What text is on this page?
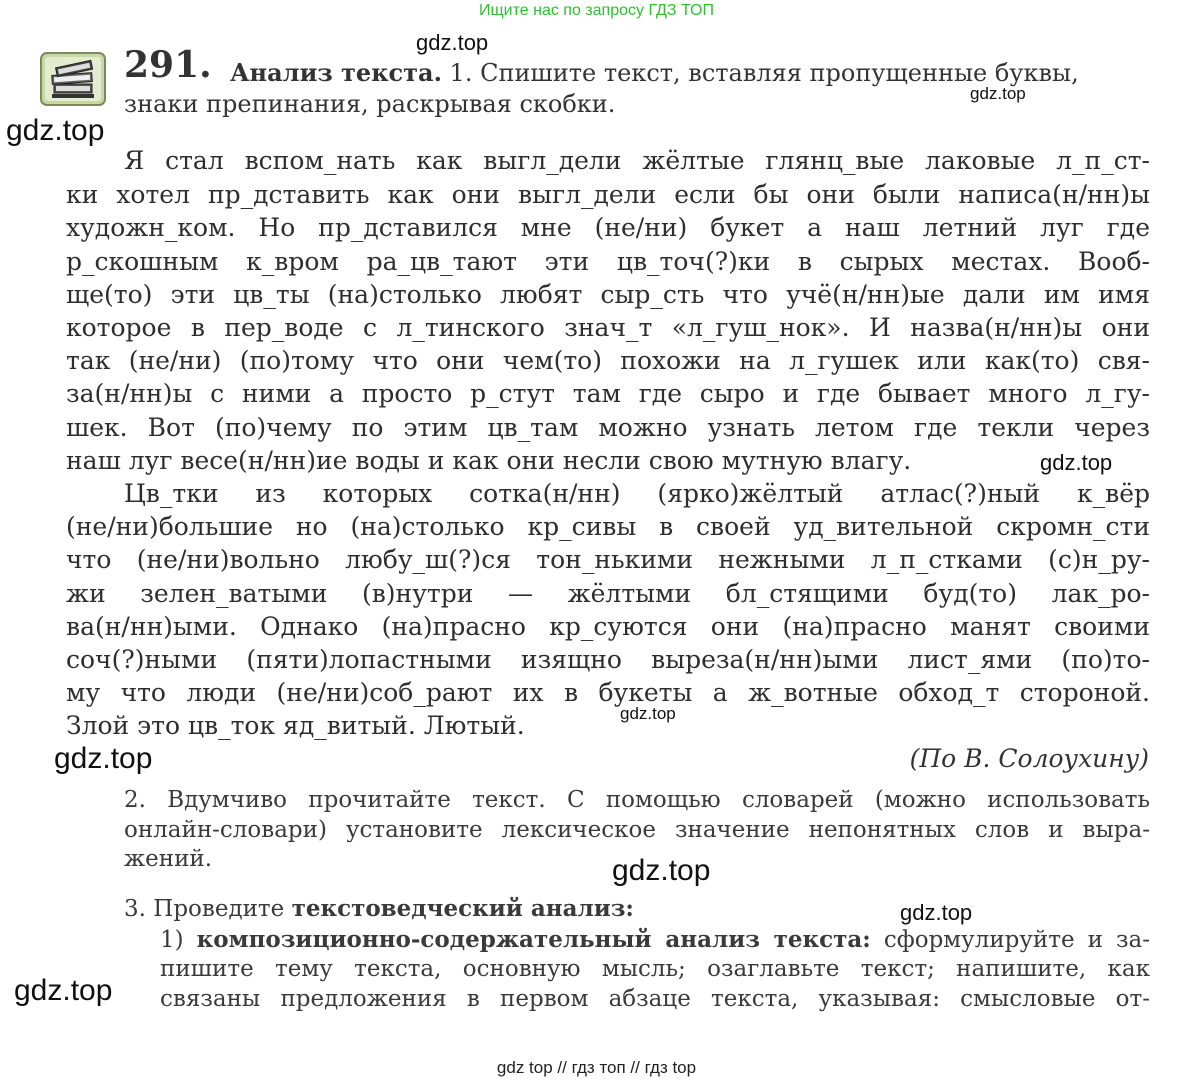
Ищите нас по запросу ГДЗ ТОП
gdz.top
gdz.top
gdz.top
gdz.top
gdz.top
gdz.top
gdz.top
gdz.top
gdz.top
291. Анализ текста. 1. Спишите текст, вставляя пропущенные буквы,
знаки препинания, раскрывая скобки.
Я стал вспом_нать как выгл_дели жёлтые глянц_вые лаковые л_п_ст-
ки хотел пр_дставить как они выгл_дели если бы они были написа(н/нн)ы
художн_ком. Но пр_дставился мне (не/ни) букет а наш летний луг где
р_скошным к_вром ра_цв_тают эти цв_точ(?)ки в сырых местах. Вооб-
ще(то) эти цв_ты (на)столько любят сыр_сть что учё(н/нн)ые дали им имя
которое в пер_воде с л_тинского знач_т «л_гуш_нок». И назва(н/нн)ы они
так (не/ни) (по)тому что они чем(то) похожи на л_гушек или как(то) свя-
за(н/нн)ы с ними а просто р_стут там где сыро и где бывает много л_гу-
шек. Вот (по)чему по этим цв_там можно узнать летом где текли через
наш луг весе(н/нн)ие воды и как они несли свою мутную влагу.
Цв_тки из которых сотка(н/нн) (ярко)жёлтый атлас(?)ный к_вёр
(не/ни)большие но (на)столько кр_сивы в своей уд_вительной скромн_сти
что (не/ни)вольно любу_ш(?)ся тон_нькими нежными л_п_стками (с)н_ру-
жи зелен_ватыми (в)нутри — жёлтыми бл_стящими буд(то) лак_ро-
ва(н/нн)ыми. Однако (на)прасно кр_суются они (на)прасно манят своими
соч(?)ными (пяти)лопастными изящно выреза(н/нн)ыми лист_ями (по)то-
му что люди (не/ни)соб_рают их в букеты а ж_вотные обход_т стороной.
Злой это цв_ток яд_витый. Лютый.
(По В. Солоухину)
2. Вдумчиво прочитайте текст. С помощью словарей (можно использовать
онлайн-словари) установите лексическое значение непонятных слов и выра-
жений.
3. Проведите текстоведческий анализ:
1) композиционно-содержательный анализ текста: сформулируйте и за-
пишите тему текста, основную мысль; озаглавьте текст; напишите, как
связаны предложения в первом абзаце текста, указывая: смысловые от-
gdz top // гдз топ // гдз top
